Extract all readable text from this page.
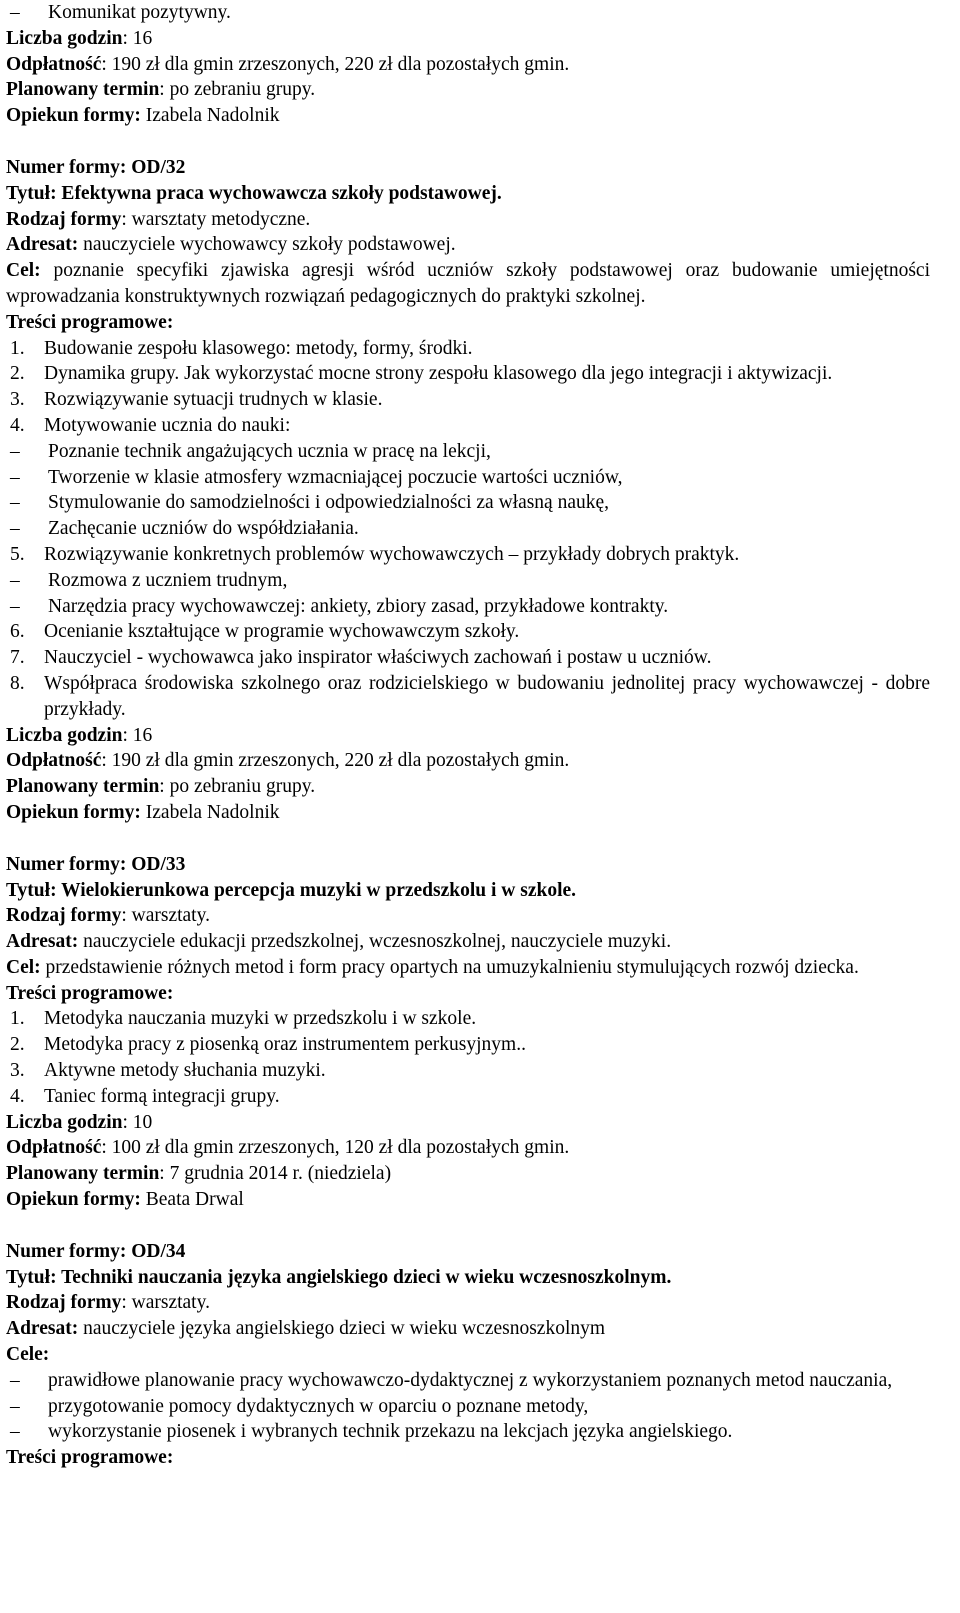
–	Komunikat pozytywny.
Liczba godzin: 16
Odpłatność: 190 zł dla gmin zrzeszonych, 220 zł dla pozostałych gmin.
Planowany termin: po zebraniu grupy.
Opiekun formy: Izabela Nadolnik
Numer formy: OD/32
Tytuł: Efektywna praca wychowawcza szkoły podstawowej.
Rodzaj formy: warsztaty metodyczne.
Adresat: nauczyciele wychowawcy szkoły podstawowej.
Cel: poznanie specyfiki zjawiska agresji wśród uczniów szkoły podstawowej oraz budowanie umiejętności wprowadzania konstruktywnych rozwiązań pedagogicznych do praktyki szkolnej.
Treści programowe:
1. Budowanie zespołu klasowego: metody, formy, środki.
2. Dynamika grupy. Jak wykorzystać mocne strony zespołu klasowego dla jego integracji i aktywizacji.
3. Rozwiązywanie sytuacji trudnych w klasie.
4. Motywowanie ucznia do nauki:
–	Poznanie technik angażujących ucznia w pracę na lekcji,
–	Tworzenie w klasie atmosfery wzmacniającej poczucie wartości uczniów,
–	Stymulowanie do samodzielności i odpowiedzialności za własną naukę,
–	Zachęcanie uczniów do współdziałania.
5. Rozwiązywanie konkretnych problemów wychowawczych – przykłady dobrych praktyk.
–	Rozmowa z uczniem trudnym,
–	Narzędzia pracy wychowawczej: ankiety, zbiory zasad, przykładowe kontrakty.
6. Ocenianie kształtujące w programie wychowawczym szkoły.
7. Nauczyciel - wychowawca jako inspirator właściwych zachowań i postaw u uczniów.
8. Współpraca środowiska szkolnego oraz rodzicielskiego w budowaniu jednolitej pracy wychowawczej - dobre przykłady.
Liczba godzin: 16
Odpłatność: 190 zł dla gmin zrzeszonych, 220 zł dla pozostałych gmin.
Planowany termin: po zebraniu grupy.
Opiekun formy: Izabela Nadolnik
Numer formy: OD/33
Tytuł: Wielokierunkowa percepcja muzyki w przedszkolu i w szkole.
Rodzaj formy: warsztaty.
Adresat: nauczyciele edukacji przedszkolnej, wczesnoszkolnej, nauczyciele muzyki.
Cel: przedstawienie różnych metod i form pracy opartych na umuzykalnieniu stymulujących rozwój dziecka.
Treści programowe:
1. Metodyka nauczania muzyki w przedszkolu i w szkole.
2. Metodyka pracy z piosenką oraz instrumentem perkusyjnym..
3. Aktywne metody słuchania muzyki.
4. Taniec formą integracji grupy.
Liczba godzin: 10
Odpłatność: 100 zł dla gmin zrzeszonych, 120 zł dla pozostałych gmin.
Planowany termin: 7 grudnia 2014 r. (niedziela)
Opiekun formy: Beata Drwal
Numer formy: OD/34
Tytuł: Techniki nauczania języka angielskiego dzieci w wieku wczesnoszkolnym.
Rodzaj formy: warsztaty.
Adresat: nauczyciele języka angielskiego dzieci w wieku wczesnoszkolnym
Cele:
–	prawidłowe planowanie pracy wychowawczo-dydaktycznej z wykorzystaniem poznanych metod nauczania,
–	przygotowanie pomocy dydaktycznych w oparciu o poznane metody,
–	wykorzystanie piosenek i wybranych technik przekazu na lekcjach języka angielskiego.
Treści programowe:
